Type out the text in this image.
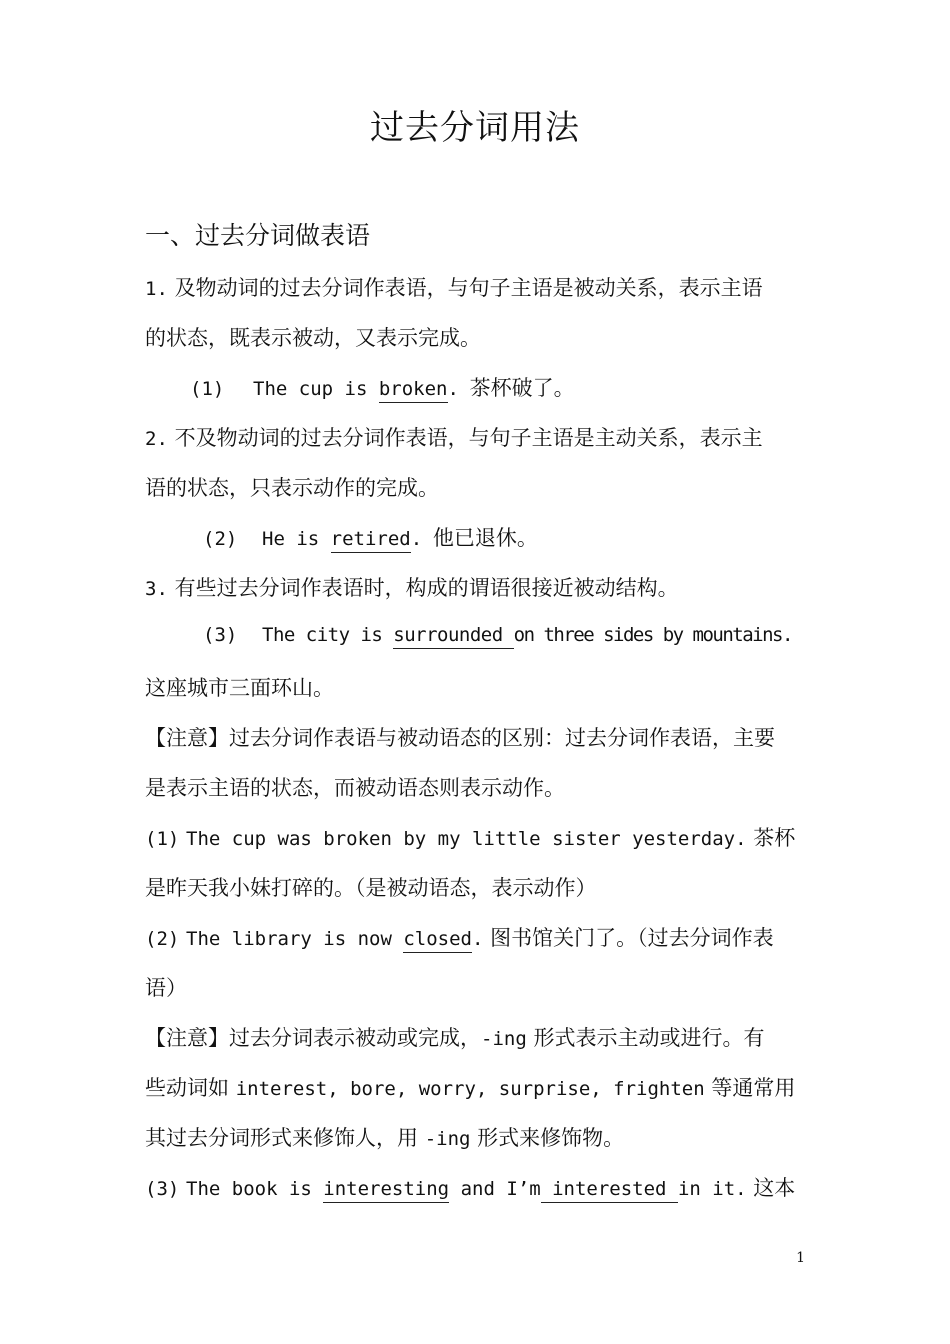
过去分词用法
一、过去分词做表语
1. 及物动词的过去分词作表语，与句子主语是被动关系，表示主语
的状态，既表示被动，又表示完成。
(1) The cup is broken. 茶杯破了。
2. 不及物动词的过去分词作表语，与句子主语是主动关系，表示主
语的状态，只表示动作的完成。
(2) He is retired. 他已退休。
3. 有些过去分词作表语时，构成的谓语很接近被动结构。
(3) The city is surrounded on three sides by mountains.
这座城市三面环山。
【注意】过去分词作表语与被动语态的区别：过去分词作表语，主要
是表示主语的状态，而被动语态则表示动作。
(1) The cup was broken by my little sister yesterday. 茶杯
是昨天我小妹打碎的。（是被动语态，表示动作）
(2) The library is now closed. 图书馆关门了。（过去分词作表
语）
【注意】过去分词表示被动或完成，-ing 形式表示主动或进行。有
些动词如 interest, bore, worry, surprise, frighten 等通常用
其过去分词形式来修饰人，用 -ing 形式来修饰物。
(3) The book is interesting and I’m interested in it. 这本
1
